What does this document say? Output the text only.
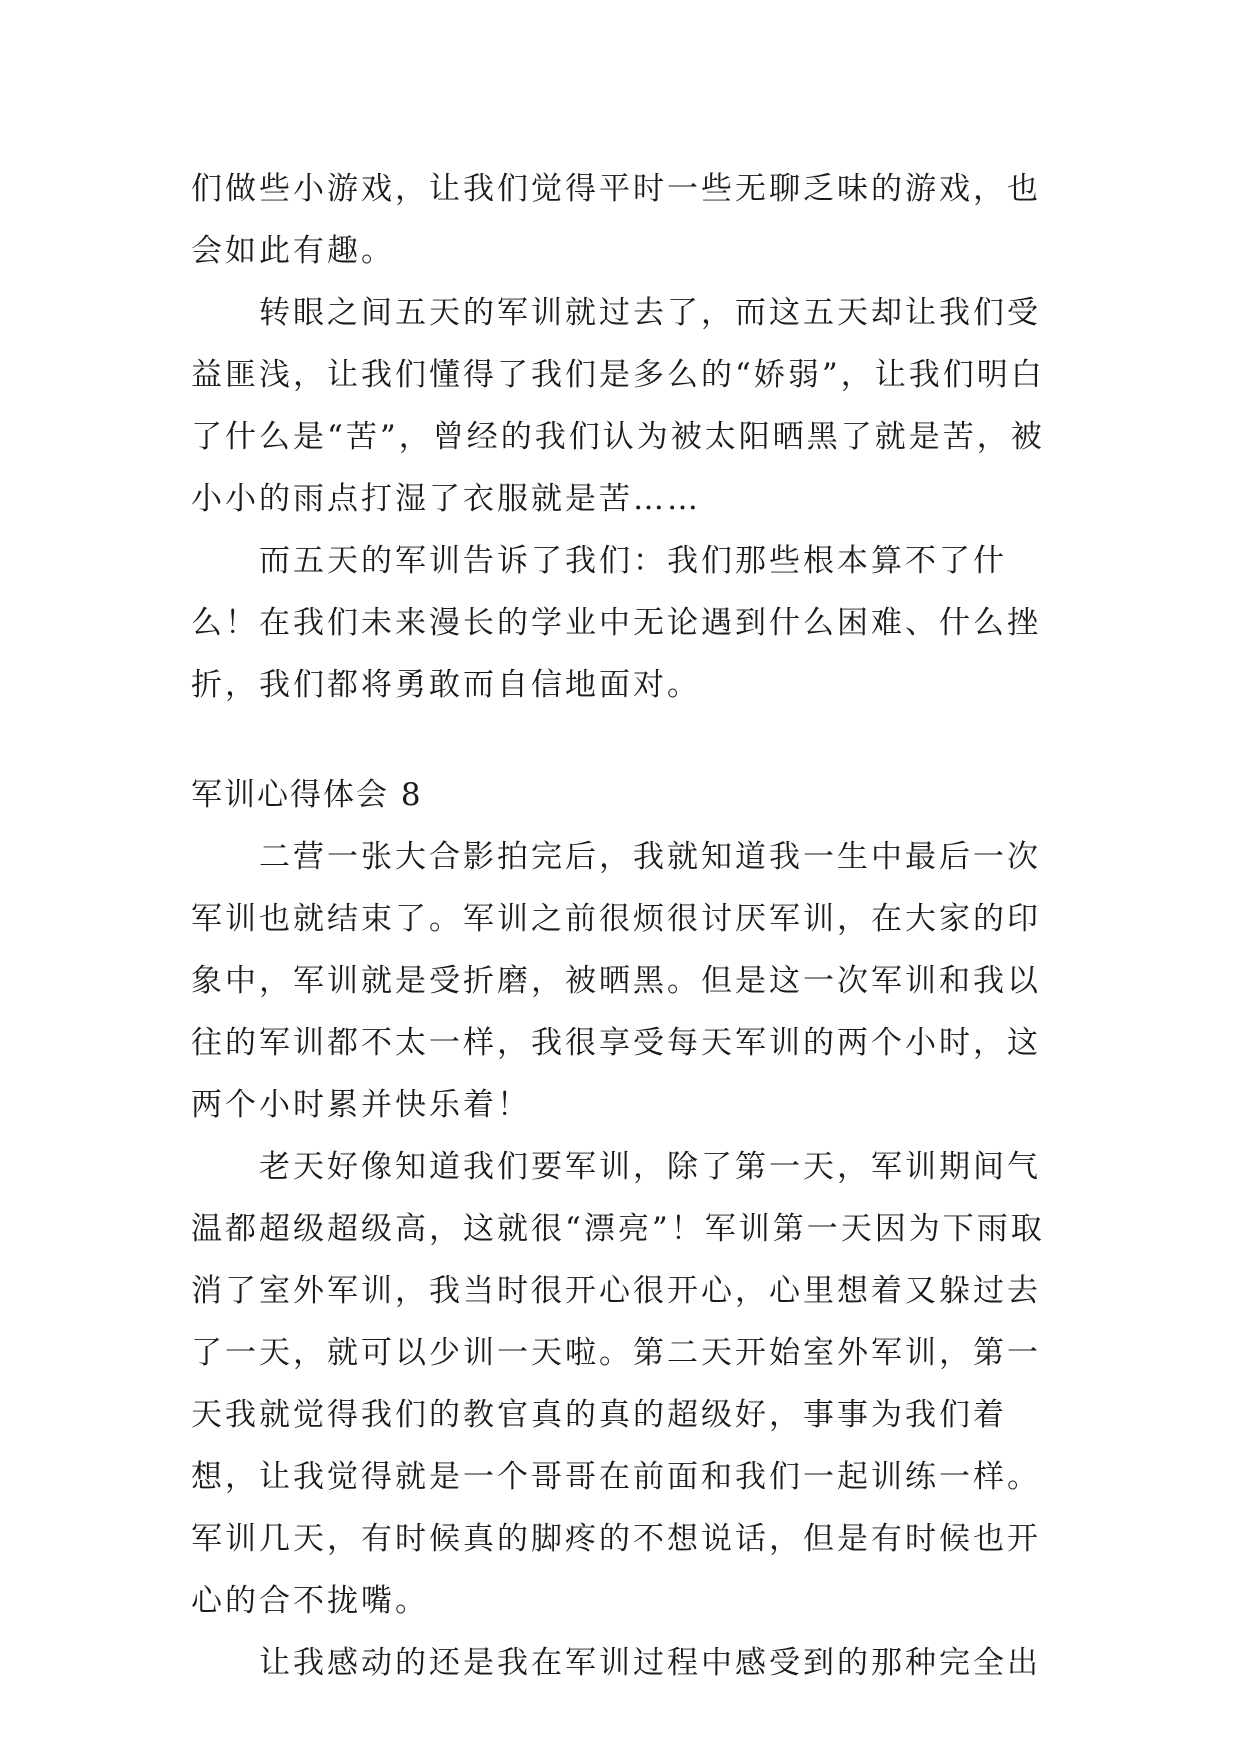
们做些小游戏，让我们觉得平时一些无聊乏味的游戏，也会如此有趣。

转眼之间五天的军训就过去了，而这五天却让我们受益匪浅，让我们懂得了我们是多么的“娇弱”，让我们明白了什么是“苦”，曾经的我们认为被太阳晒黑了就是苦，被小小的雨点打湿了衣服就是苦……

而五天的军训告诉了我们：我们那些根本算不了什么！在我们未来漫长的学业中无论遇到什么困难、什么挫折，我们都将勇敢而自信地面对。

军训心得体会 8

二营一张大合影拍完后，我就知道我一生中最后一次军训也就结束了。军训之前很烦很讨厌军训，在大家的印象中，军训就是受折磨，被晒黑。但是这一次军训和我以往的军训都不太一样，我很享受每天军训的两个小时，这两个小时累并快乐着！

老天好像知道我们要军训，除了第一天，军训期间气温都超级超级高，这就很“漂亮”！军训第一天因为下雨取消了室外军训，我当时很开心很开心，心里想着又躲过去了一天，就可以少训一天啦。第二天开始室外军训，第一天我就觉得我们的教官真的真的超级好，事事为我们着想，让我觉得就是一个哥哥在前面和我们一起训练一样。军训几天，有时候真的脚疼的不想说话，但是有时候也开心的合不拢嘴。

让我感动的还是我在军训过程中感受到的那种完全出
